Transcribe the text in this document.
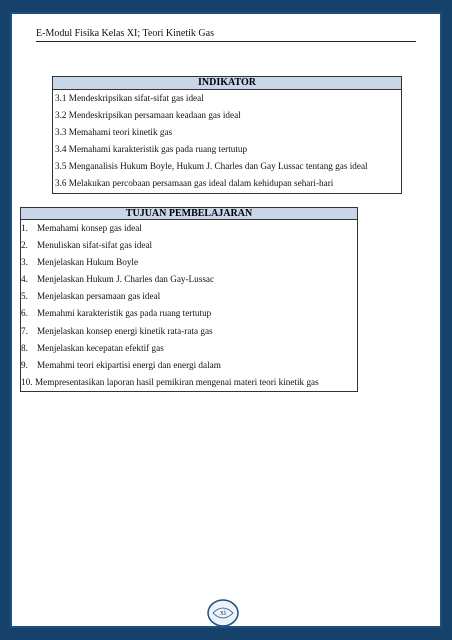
E-Modul Fisika Kelas XI; Teori Kinetik Gas
INDIKATOR
3.1 Mendeskripsikan sifat-sifat gas ideal
3.2 Mendeskripsikan persamaan keadaan gas ideal
3.3 Memahami teori kinetik gas
3.4 Memahami karakteristik gas pada ruang tertutup
3.5 Menganalisis Hukum Boyle, Hukum J. Charles dan Gay Lussac tentang gas ideal
3.6 Melakukan percobaan persamaan gas ideal dalam kehidupan sehari-hari
TUJUAN PEMBELAJARAN
1. Memahami konsep gas ideal
2. Menuliskan sifat-sifat gas ideal
3. Menjelaskan Hukum Boyle
4. Menjelaskan Hukum J. Charles dan Gay-Lussac
5. Menjelaskan persamaan gas ideal
6. Memahmi karakteristik gas pada ruang tertutup
7. Menjelaskan konsep energi kinetik rata-rata gas
8. Menjelaskan kecepatan efektif gas
9. Memahmi teori ekipartisi energi dan energi dalam
10. Mempresentasikan laporan hasil pemikiran mengenai materi teori kinetik gas
xi
